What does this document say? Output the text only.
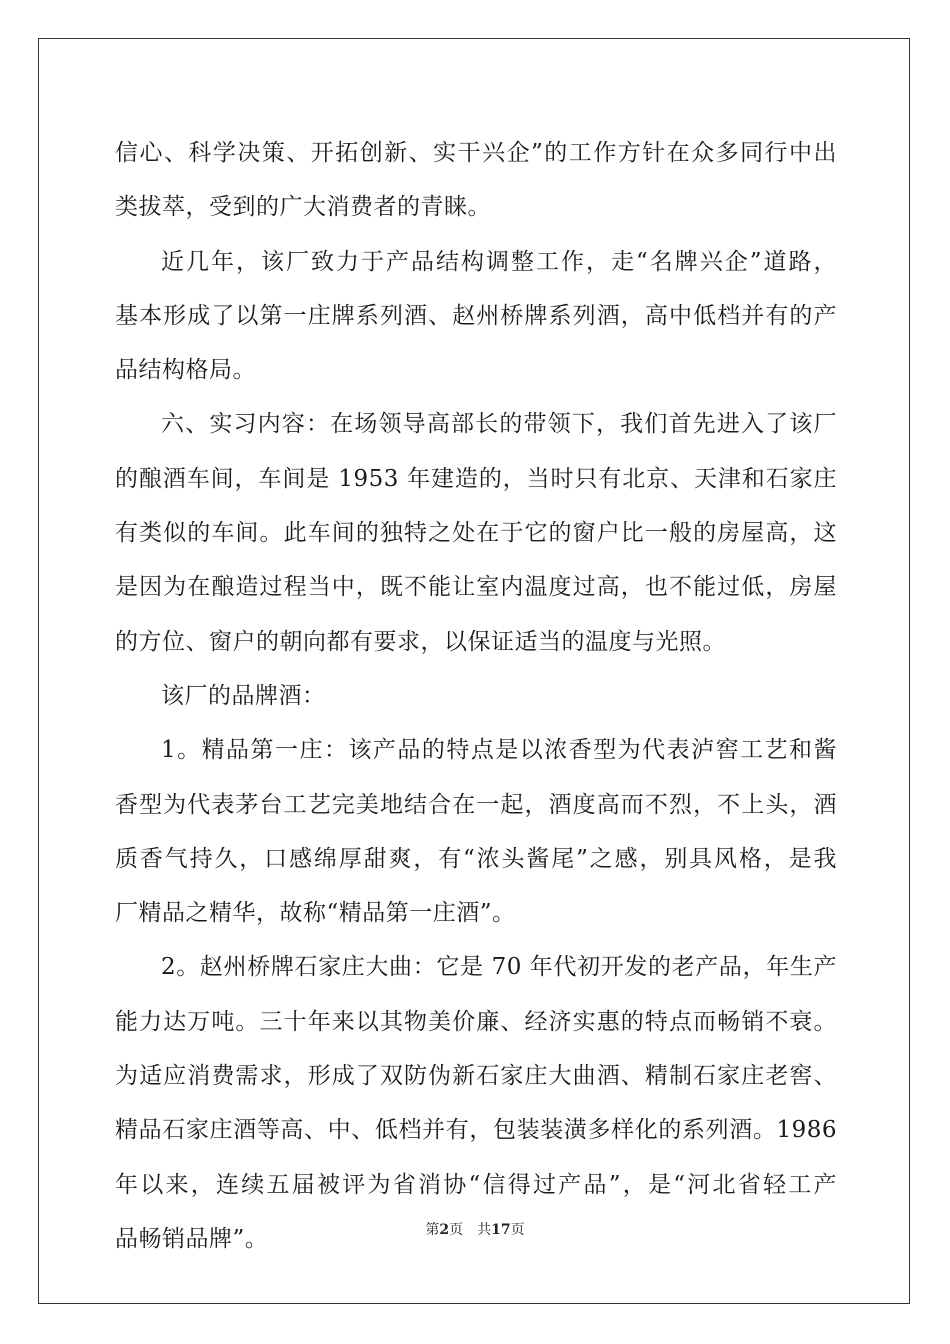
信心、科学决策、开拓创新、实干兴企”的工作方针在众多同行中出
类拔萃，受到的广大消费者的青睐。
近几年，该厂致力于产品结构调整工作，走“名牌兴企”道路，
基本形成了以第一庄牌系列酒、赵州桥牌系列酒，高中低档并有的产
品结构格局。
六、实习内容：在场领导高部长的带领下，我们首先进入了该厂
的酿酒车间，车间是 1953 年建造的，当时只有北京、天津和石家庄
有类似的车间。此车间的独特之处在于它的窗户比一般的房屋高，这
是因为在酿造过程当中，既不能让室内温度过高，也不能过低，房屋
的方位、窗户的朝向都有要求，以保证适当的温度与光照。
该厂的品牌酒：
1。精品第一庄：该产品的特点是以浓香型为代表泸窖工艺和酱
香型为代表茅台工艺完美地结合在一起，酒度高而不烈，不上头，酒
质香气持久，口感绵厚甜爽，有“浓头酱尾”之感，别具风格，是我
厂精品之精华，故称“精品第一庄酒”。
2。赵州桥牌石家庄大曲：它是 70 年代初开发的老产品，年生产
能力达万吨。三十年来以其物美价廉、经济实惠的特点而畅销不衰。
为适应消费需求，形成了双防伪新石家庄大曲酒、精制石家庄老窖、
精品石家庄酒等高、中、低档并有，包装装潢多样化的系列酒。1986
年以来，连续五届被评为省消协“信得过产品”，是“河北省轻工产
品畅销品牌”。	第2页 共17页
